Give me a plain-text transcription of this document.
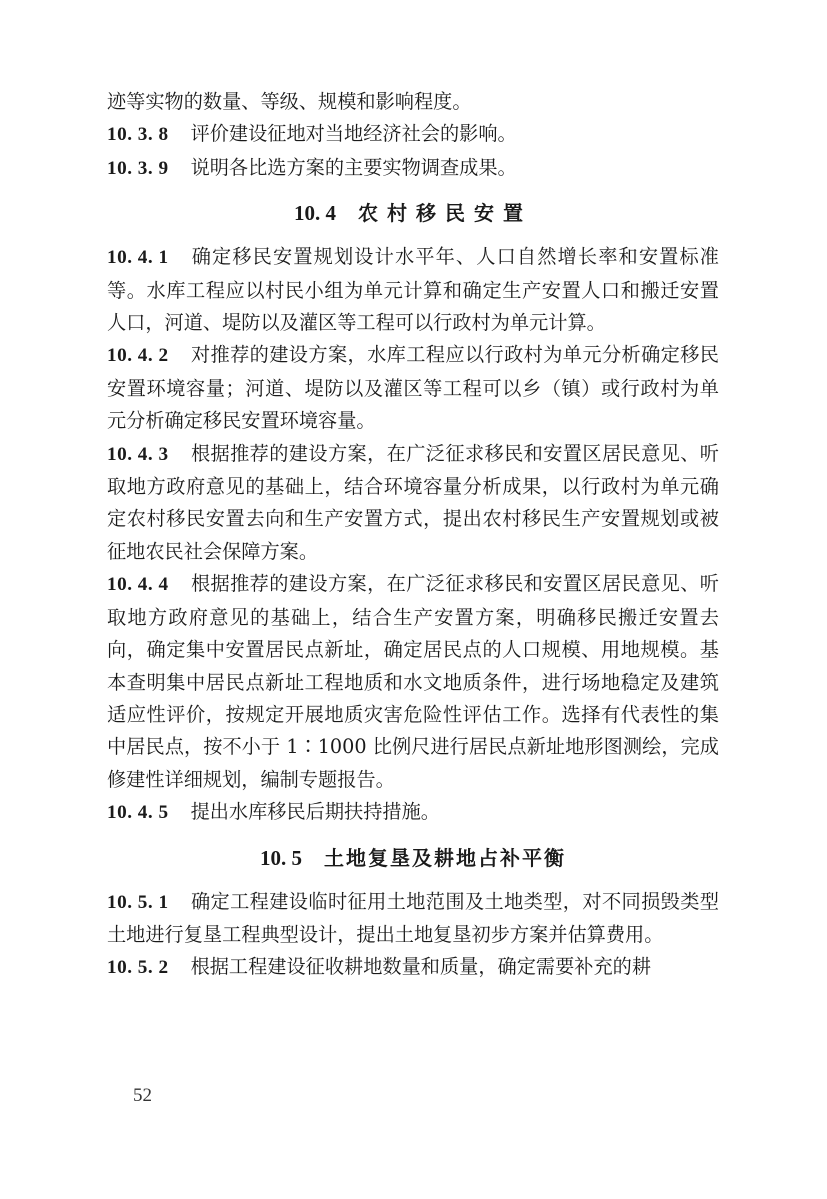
迹等实物的数量、等级、规模和影响程度。

10. 3. 8 评价建设征地对当地经济社会的影响。

10. 3. 9 说明各比选方案的主要实物调查成果。

10. 4 农村移民安置

10. 4. 1 确定移民安置规划设计水平年、人口自然增长率和安置标准等。水库工程应以村民小组为单元计算和确定生产安置人口和搬迁安置人口，河道、堤防以及灌区等工程可以行政村为单元计算。

10. 4. 2 对推荐的建设方案，水库工程应以行政村为单元分析确定移民安置环境容量；河道、堤防以及灌区等工程可以乡（镇）或行政村为单元分析确定移民安置环境容量。

10. 4. 3 根据推荐的建设方案，在广泛征求移民和安置区居民意见、听取地方政府意见的基础上，结合环境容量分析成果，以行政村为单元确定农村移民安置去向和生产安置方式，提出农村移民生产安置规划或被征地农民社会保障方案。

10. 4. 4 根据推荐的建设方案，在广泛征求移民和安置区居民意见、听取地方政府意见的基础上，结合生产安置方案，明确移民搬迁安置去向，确定集中安置居民点新址，确定居民点的人口规模、用地规模。基本查明集中居民点新址工程地质和水文地质条件，进行场地稳定及建筑适应性评价，按规定开展地质灾害危险性评估工作。选择有代表性的集中居民点，按不小于 1∶1000 比例尺进行居民点新址地形图测绘，完成修建性详细规划，编制专题报告。

10. 4. 5 提出水库移民后期扶持措施。

10. 5 土地复垦及耕地占补平衡

10. 5. 1 确定工程建设临时征用土地范围及土地类型，对不同损毁类型土地进行复垦工程典型设计，提出土地复垦初步方案并估算费用。

10. 5. 2 根据工程建设征收耕地数量和质量，确定需要补充的耕

52
